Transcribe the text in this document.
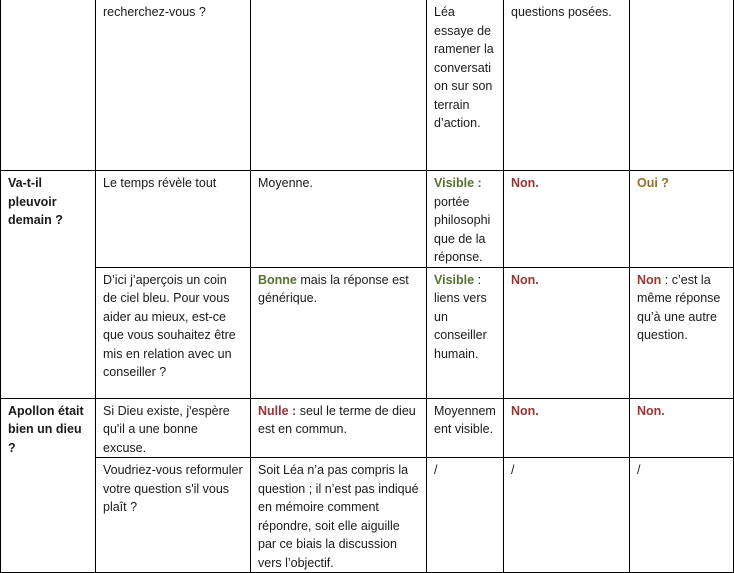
	recherchez-vous ?		Léa essaye de ramener la conversation sur son terrain d’action.	questions posées.	
Va-t-il pleuvoir demain ?	Le temps révèle tout	Moyenne.	Visible : portée philosophique de la réponse.	Non.	Oui ?
	D’ici j’aperçois un coin de ciel bleu. Pour vous aider au mieux, est-ce que vous souhaitez être mis en relation avec un conseiller ?	Bonne mais la réponse est générique.	Visible : liens vers un conseiller humain.	Non.	Non : c’est la même réponse qu’à une autre question.
Apollon était bien un dieu ?	Si Dieu existe, j'espère qu'il a une bonne excuse.	Nulle : seul le terme de dieu est en commun.	Moyennement visible.	Non.	Non.
	Voudriez-vous reformuler votre question s'il vous plaît ?	Soit Léa n’a pas compris la question ; il n’est pas indiqué en mémoire comment répondre, soit elle aiguille par ce biais la discussion vers l’objectif.	/	/	/
